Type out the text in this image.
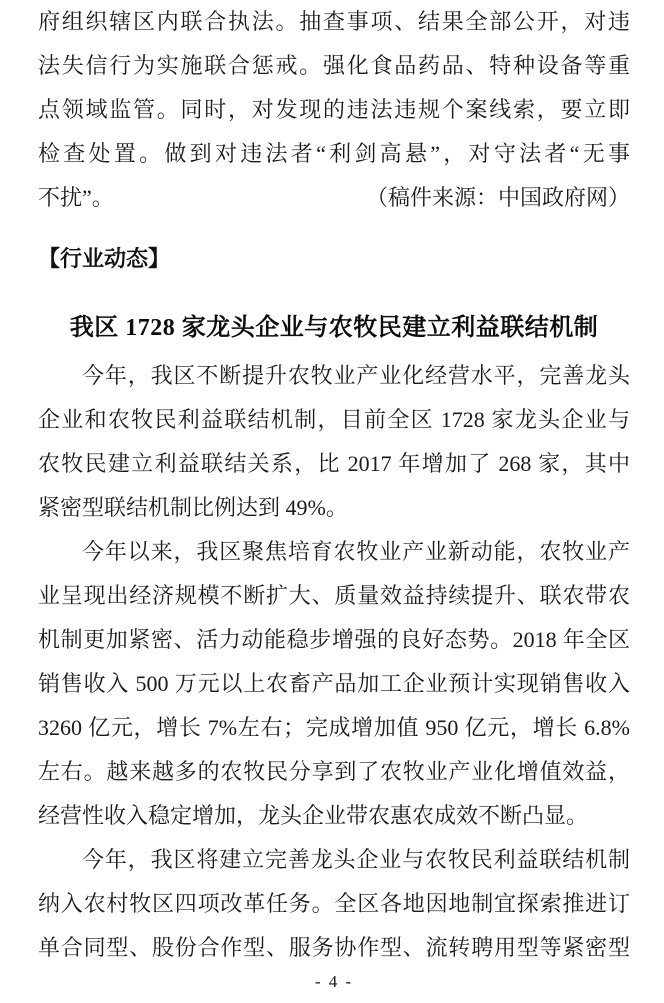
府组织辖区内联合执法。抽查事项、结果全部公开，对违
法失信行为实施联合惩戒。强化食品药品、特种设备等重
点领域监管。同时，对发现的违法违规个案线索，要立即
检查处置。做到对违法者“利剑高悬”，对守法者“无事
不扰”。	（稿件来源：中国政府网）
【行业动态】
我区 1728 家龙头企业与农牧民建立利益联结机制
今年，我区不断提升农牧业产业化经营水平，完善龙头
企业和农牧民利益联结机制，目前全区 1728 家龙头企业与
农牧民建立利益联结关系，比 2017 年增加了 268 家，其中
紧密型联结机制比例达到 49%。
今年以来，我区聚焦培育农牧业产业新动能，农牧业产
业呈现出经济规模不断扩大、质量效益持续提升、联农带农
机制更加紧密、活力动能稳步增强的良好态势。2018 年全区
销售收入 500 万元以上农畜产品加工企业预计实现销售收入
3260 亿元，增长 7%左右；完成增加值 950 亿元，增长 6.8%
左右。越来越多的农牧民分享到了农牧业产业化增值效益，
经营性收入稳定增加，龙头企业带农惠农成效不断凸显。
今年，我区将建立完善龙头企业与农牧民利益联结机制
纳入农村牧区四项改革任务。全区各地因地制宜探索推进订
单合同型、股份合作型、服务协作型、流转聘用型等紧密型
- 4 -
